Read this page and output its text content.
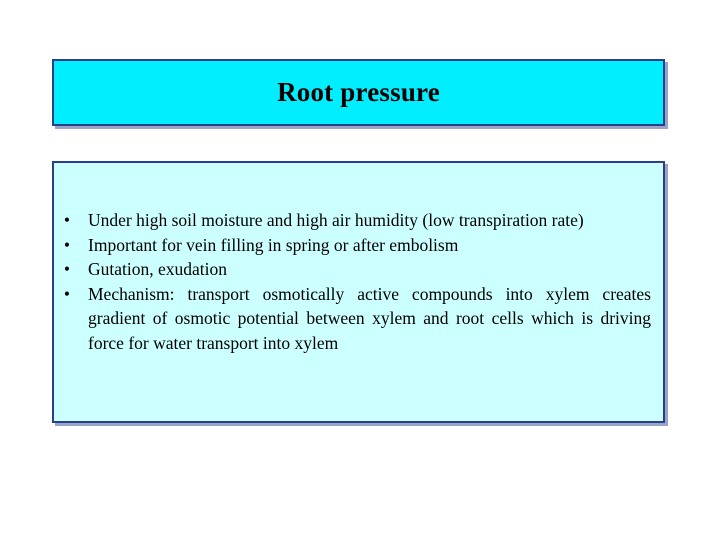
Root pressure
• Under high soil moisture and high air humidity (low transpiration rate)
• Important for vein filling in spring or after embolism
• Gutation, exudation
• Mechanism: transport osmotically active compounds into xylem creates gradient of osmotic potential between xylem and root cells which is driving force for water transport into xylem
